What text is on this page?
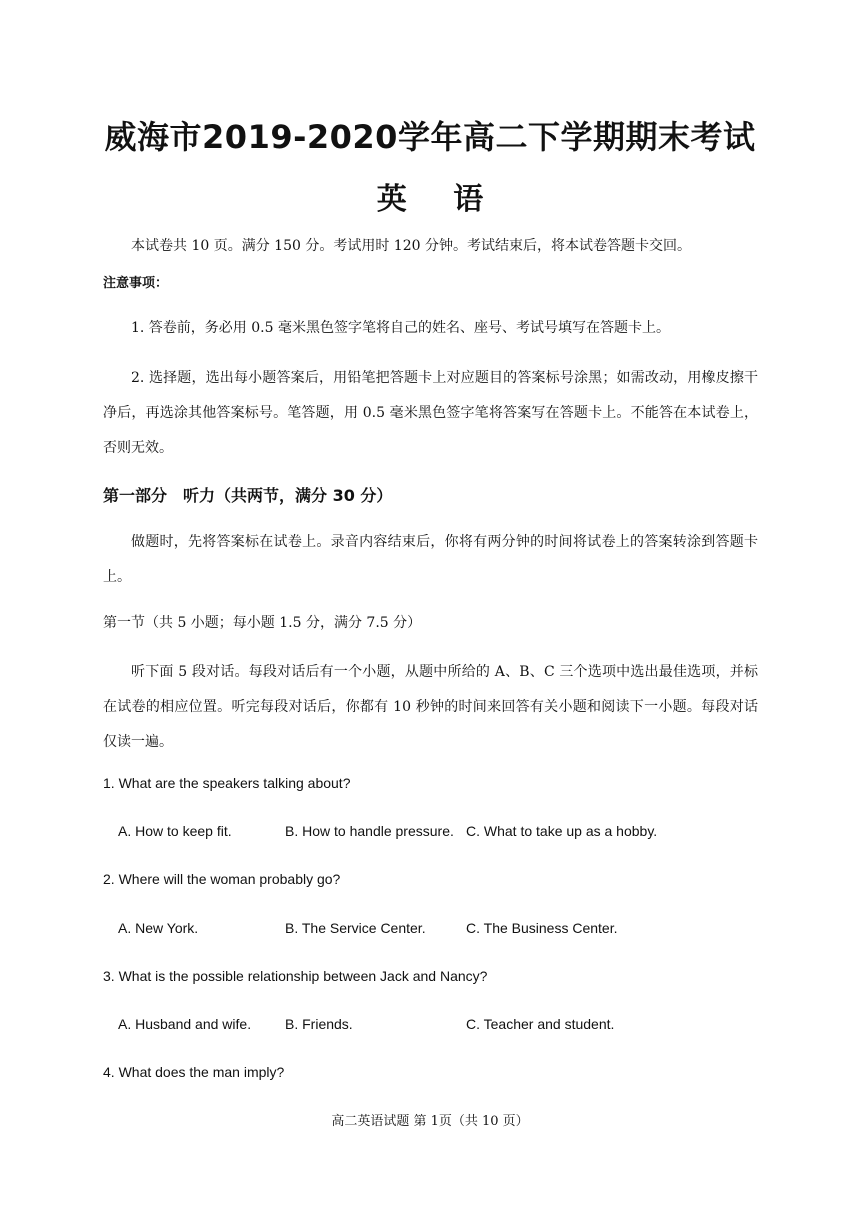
威海市2019-2020学年高二下学期期末考试
英 语
本试卷共 10 页。满分 150 分。考试用时 120 分钟。考试结束后，将本试卷答题卡交回。
注意事项：
1. 答卷前，务必用 0.5 毫米黑色签字笔将自己的姓名、座号、考试号填写在答题卡上。
2. 选择题，选出每小题答案后，用铅笔把答题卡上对应题目的答案标号涂黑；如需改动，用橡皮擦干净后，再选涂其他答案标号。笔答题，用 0.5 毫米黑色签字笔将答案写在答题卡上。不能答在本试卷上，否则无效。
第一部分　听力（共两节，满分 30 分）
做题时，先将答案标在试卷上。录音内容结束后，你将有两分钟的时间将试卷上的答案转涂到答题卡上。
第一节（共 5 小题；每小题 1.5 分，满分 7.5 分）
听下面 5 段对话。每段对话后有一个小题，从题中所给的 A、B、C 三个选项中选出最佳选项，并标在试卷的相应位置。听完每段对话后，你都有 10 秒钟的时间来回答有关小题和阅读下一小题。每段对话仅读一遍。
1. What are the speakers talking about?
A. How to keep fit.	B. How to handle pressure. C. What to take up as a hobby.
2. Where will the woman probably go?
A. New York.	B. The Service Center.	C. The Business Center.
3. What is the possible relationship between Jack and Nancy?
A. Husband and wife. B. Friends.	C. Teacher and student.
4. What does the man imply?
高二英语试题 第 1页（共 10 页）
